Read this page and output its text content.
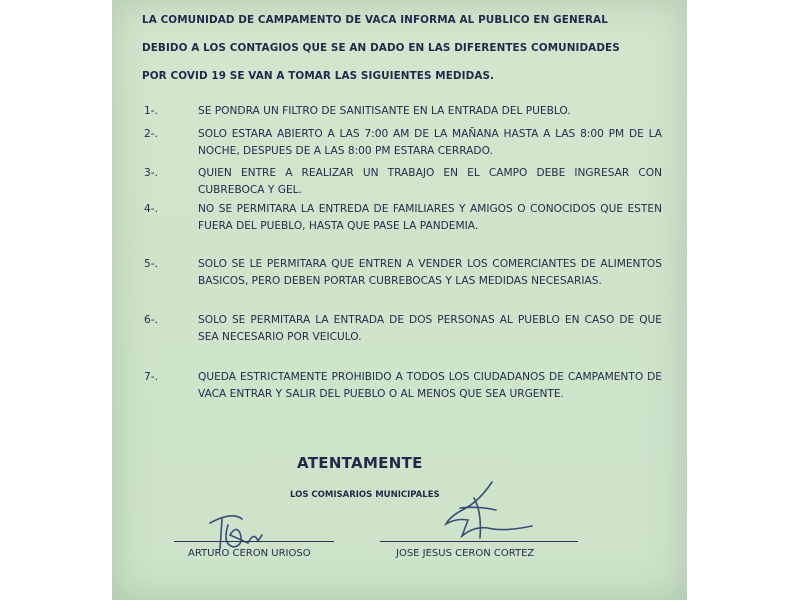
LA COMUNIDAD DE CAMPAMENTO DE VACA INFORMA AL PUBLICO EN GENERAL
DEBIDO A LOS CONTAGIOS QUE SE AN DADO EN LAS DIFERENTES COMUNIDADES
POR COVID 19 SE VAN A TOMAR LAS SIGUIENTES MEDIDAS.
1-.	SE PONDRA UN FILTRO DE SANITISANTE EN LA ENTRADA DEL PUEBLO.
2-.	SOLO ESTARA ABIERTO A LAS 7:00 AM DE LA MAÑANA HASTA A LAS 8:00 PM DE LA NOCHE, DESPUES DE A LAS 8:00 PM ESTARA CERRADO.
3-.	QUIEN ENTRE A REALIZAR UN TRABAJO EN EL CAMPO DEBE INGRESAR CON CUBREBOCA Y GEL.
4-.	NO SE PERMITARA LA ENTREDA DE FAMILIARES Y AMIGOS O CONOCIDOS QUE ESTEN FUERA DEL PUEBLO, HASTA QUE PASE LA PANDEMIA.
5-.	SOLO SE LE PERMITARA QUE ENTREN A VENDER LOS COMERCIANTES DE ALIMENTOS BASICOS, PERO DEBEN PORTAR CUBREBOCAS Y LAS MEDIDAS NECESARIAS.
6-.	SOLO SE PERMITARA LA ENTRADA DE DOS PERSONAS AL PUEBLO EN CASO DE QUE SEA NECESARIO POR VEICULO.
7-.	QUEDA ESTRICTAMENTE PROHIBIDO A TODOS LOS CIUDADANOS DE CAMPAMENTO DE VACA ENTRAR Y SALIR DEL PUEBLO O AL MENOS QUE SEA URGENTE.
ATENTAMENTE
LOS COMISARIOS MUNICIPALES
ARTURO CERON URIOSO	JOSE JESUS CERON CORTEZ
